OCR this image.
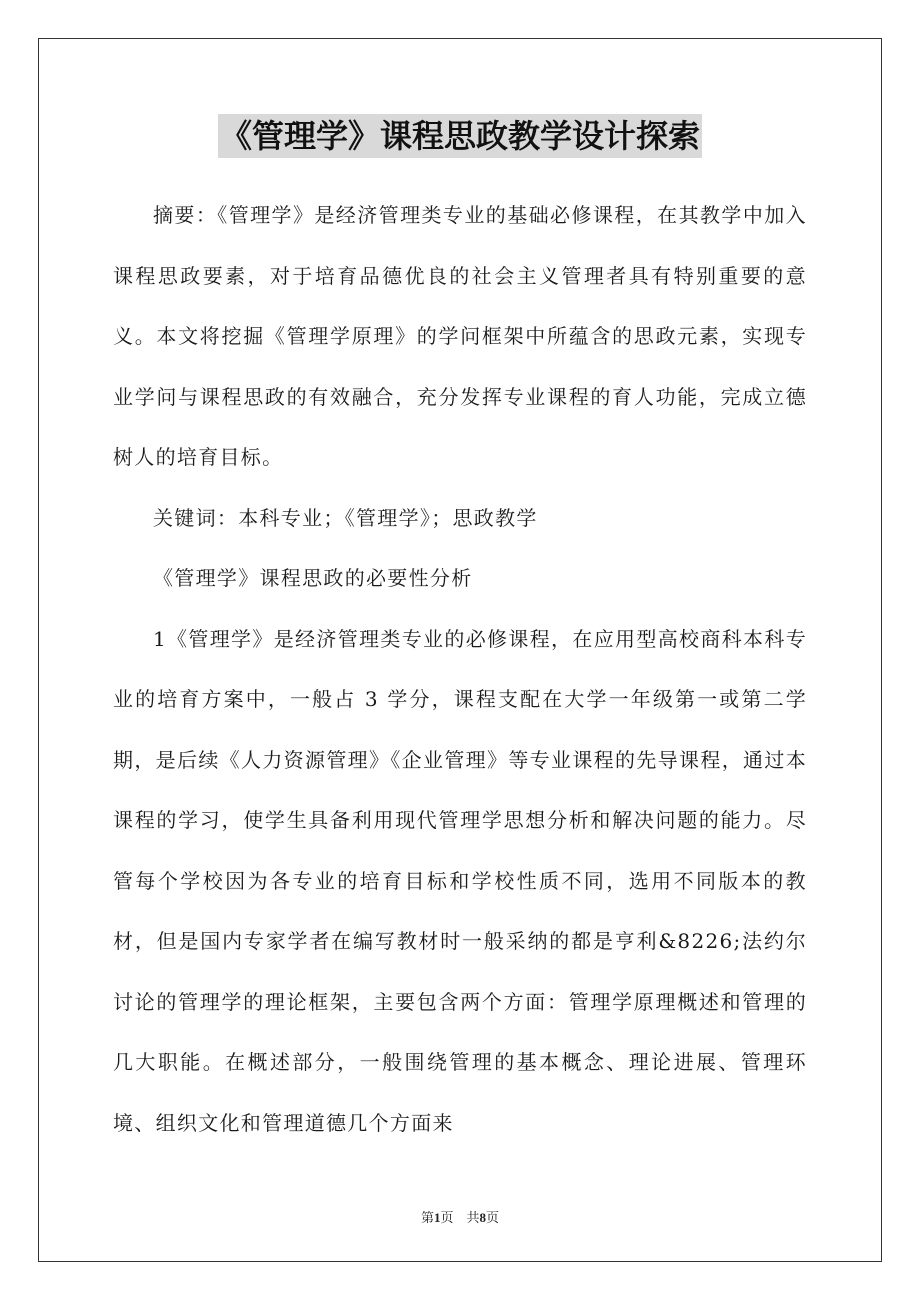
《管理学》课程思政教学设计探索

摘要：《管理学》是经济管理类专业的基础必修课程，在其教学中加入课程思政要素，对于培育品德优良的社会主义管理者具有特别重要的意义。本文将挖掘《管理学原理》的学问框架中所蕴含的思政元素，实现专业学问与课程思政的有效融合，充分发挥专业课程的育人功能，完成立德树人的培育目标。

关键词：本科专业；《管理学》；思政教学

《管理学》课程思政的必要性分析

1《管理学》是经济管理类专业的必修课程，在应用型高校商科本科专业的培育方案中，一般占 3 学分，课程支配在大学一年级第一或第二学期，是后续《人力资源管理》《企业管理》等专业课程的先导课程，通过本课程的学习，使学生具备利用现代管理学思想分析和解决问题的能力。尽管每个学校因为各专业的培育目标和学校性质不同，选用不同版本的教材，但是国内专家学者在编写教材时一般采纳的都是亨利&8226;法约尔讨论的管理学的理论框架，主要包含两个方面：管理学原理概述和管理的几大职能。在概述部分，一般围绕管理的基本概念、理论进展、管理环境、组织文化和管理道德几个方面来

第1页　共8页
